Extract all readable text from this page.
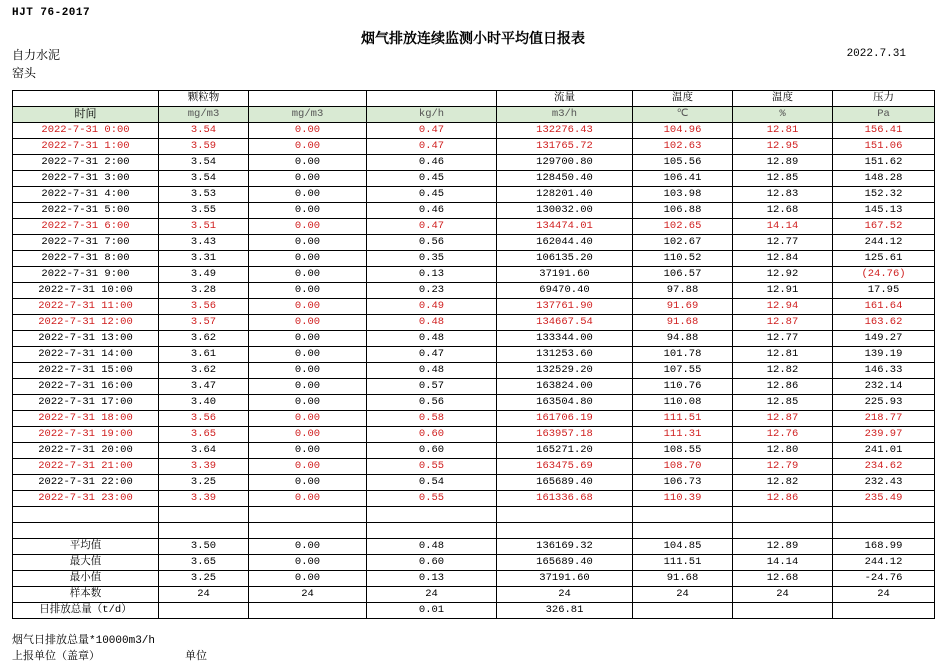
HJT 76-2017
烟气排放连续监测小时平均值日报表
自力水泥
窑头
2022.7.31
	颗粒物			流量	温度	温度	压力
时间	mg/m3	mg/m3	kg/h	m3/h	℃	%	Pa
2022-7-31 0:00	3.54	0.00	0.47	132276.43	104.96	12.81	156.41
2022-7-31 1:00	3.59	0.00	0.47	131765.72	102.63	12.95	151.06
2022-7-31 2:00	3.54	0.00	0.46	129700.80	105.56	12.89	151.62
2022-7-31 3:00	3.54	0.00	0.45	128450.40	106.41	12.85	148.28
2022-7-31 4:00	3.53	0.00	0.45	128201.40	103.98	12.83	152.32
2022-7-31 5:00	3.55	0.00	0.46	130032.00	106.88	12.68	145.13
2022-7-31 6:00	3.51	0.00	0.47	134474.01	102.65	14.14	167.52
2022-7-31 7:00	3.43	0.00	0.56	162044.40	102.67	12.77	244.12
2022-7-31 8:00	3.31	0.00	0.35	106135.20	110.52	12.84	125.61
2022-7-31 9:00	3.49	0.00	0.13	37191.60	106.57	12.92	(24.76)
2022-7-31 10:00	3.28	0.00	0.23	69470.40	97.88	12.91	17.95
2022-7-31 11:00	3.56	0.00	0.49	137761.90	91.69	12.94	161.64
2022-7-31 12:00	3.57	0.00	0.48	134667.54	91.68	12.87	163.62
2022-7-31 13:00	3.62	0.00	0.48	133344.00	94.88	12.77	149.27
2022-7-31 14:00	3.61	0.00	0.47	131253.60	101.78	12.81	139.19
2022-7-31 15:00	3.62	0.00	0.48	132529.20	107.55	12.82	146.33
2022-7-31 16:00	3.47	0.00	0.57	163824.00	110.76	12.86	232.14
2022-7-31 17:00	3.40	0.00	0.56	163504.80	110.08	12.85	225.93
2022-7-31 18:00	3.56	0.00	0.58	161706.19	111.51	12.87	218.77
2022-7-31 19:00	3.65	0.00	0.60	163957.18	111.31	12.76	239.97
2022-7-31 20:00	3.64	0.00	0.60	165271.20	108.55	12.80	241.01
2022-7-31 21:00	3.39	0.00	0.55	163475.69	108.70	12.79	234.62
2022-7-31 22:00	3.25	0.00	0.54	165689.40	106.73	12.82	232.43
2022-7-31 23:00	3.39	0.00	0.55	161336.68	110.39	12.86	235.49

平均值	3.50	0.00	0.48	136169.32	104.85	12.89	168.99
最大值	3.65	0.00	0.60	165689.40	111.51	14.14	244.12
最小值	3.25	0.00	0.13	37191.60	91.68	12.68	-24.76
样本数	24	24	24	24	24	24	24
日排放总量（t/d）			0.01	326.81			
烟气日排放总量*10000m3/h
上报单位（盖章）	单位
